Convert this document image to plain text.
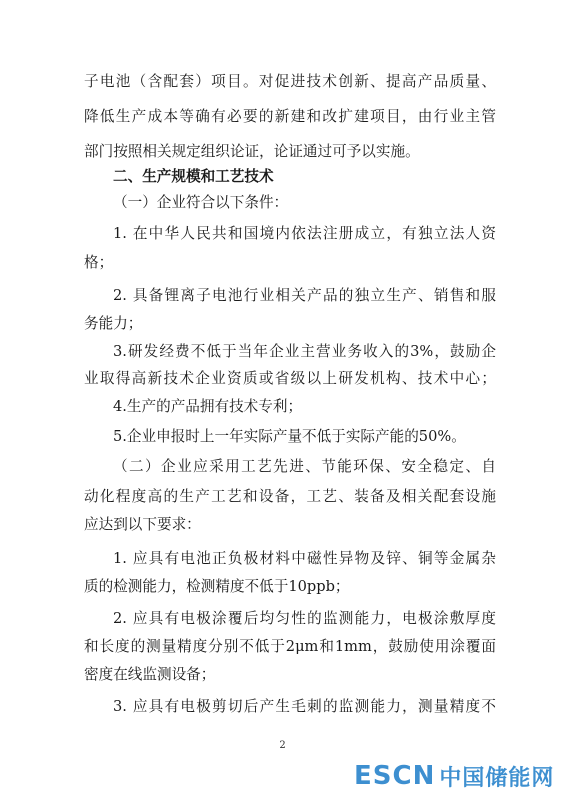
子电池（含配套）项目。对促进技术创新、提高产品质量、
降低生产成本等确有必要的新建和改扩建项目，由行业主管
部门按照相关规定组织论证，论证通过可予以实施。
二、生产规模和工艺技术
（一）企业符合以下条件：
1. 在中华人民共和国境内依法注册成立，有独立法人资
格；
2. 具备锂离子电池行业相关产品的独立生产、销售和服
务能力；
3.研发经费不低于当年企业主营业务收入的3%，鼓励企
业取得高新技术企业资质或省级以上研发机构、技术中心；
4.生产的产品拥有技术专利；
5.企业申报时上一年实际产量不低于实际产能的50%。
（二）企业应采用工艺先进、节能环保、安全稳定、自
动化程度高的生产工艺和设备，工艺、装备及相关配套设施
应达到以下要求：
1. 应具有电池正负极材料中磁性异物及锌、铜等金属杂
质的检测能力，检测精度不低于10ppb；
2. 应具有电极涂覆后均匀性的监测能力，电极涂敷厚度
和长度的测量精度分别不低于2μm和1mm，鼓励使用涂覆面
密度在线监测设备；
3. 应具有电极剪切后产生毛刺的监测能力，测量精度不
2
ESCN 中国储能网
